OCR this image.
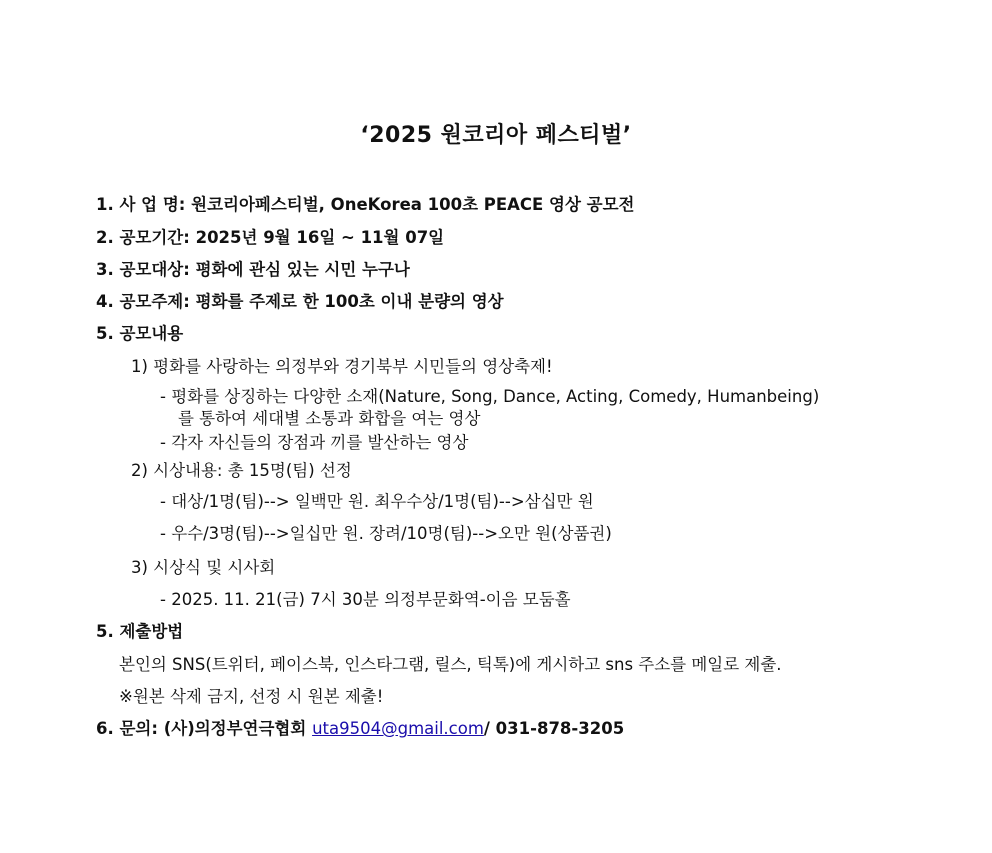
‘2025 원코리아 페스티벌’
1. 사 업 명: 원코리아페스티벌, OneKorea 100초 PEACE 영상 공모전
2. 공모기간: 2025년 9월 16일 ~ 11월 07일
3. 공모대상: 평화에 관심 있는 시민 누구나
4. 공모주제: 평화를 주제로 한 100초 이내 분량의 영상
5. 공모내용
1) 평화를 사랑하는 의정부와 경기북부 시민들의 영상축제!
- 평화를 상징하는 다양한 소재(Nature, Song, Dance, Acting, Comedy, Humanbeing)
를 통하여 세대별 소통과 화합을 여는 영상
- 각자 자신들의 장점과 끼를 발산하는 영상
2) 시상내용: 총 15명(팀) 선정
- 대상/1명(팀)--> 일백만 원. 최우수상/1명(팀)-->삼십만 원
- 우수/3명(팀)-->일십만 원. 장려/10명(팀)-->오만 원(상품권)
3) 시상식 및 시사회
- 2025. 11. 21(금) 7시 30분 의정부문화역-이음 모둠홀
5. 제출방법
본인의 SNS(트위터, 페이스북, 인스타그램, 릴스, 틱톡)에 게시하고 sns 주소를 메일로 제출.
※원본 삭제 금지, 선정 시 원본 제출!
6. 문의: (사)의정부연극협회 uta9504@gmail.com/ 031-878-3205
